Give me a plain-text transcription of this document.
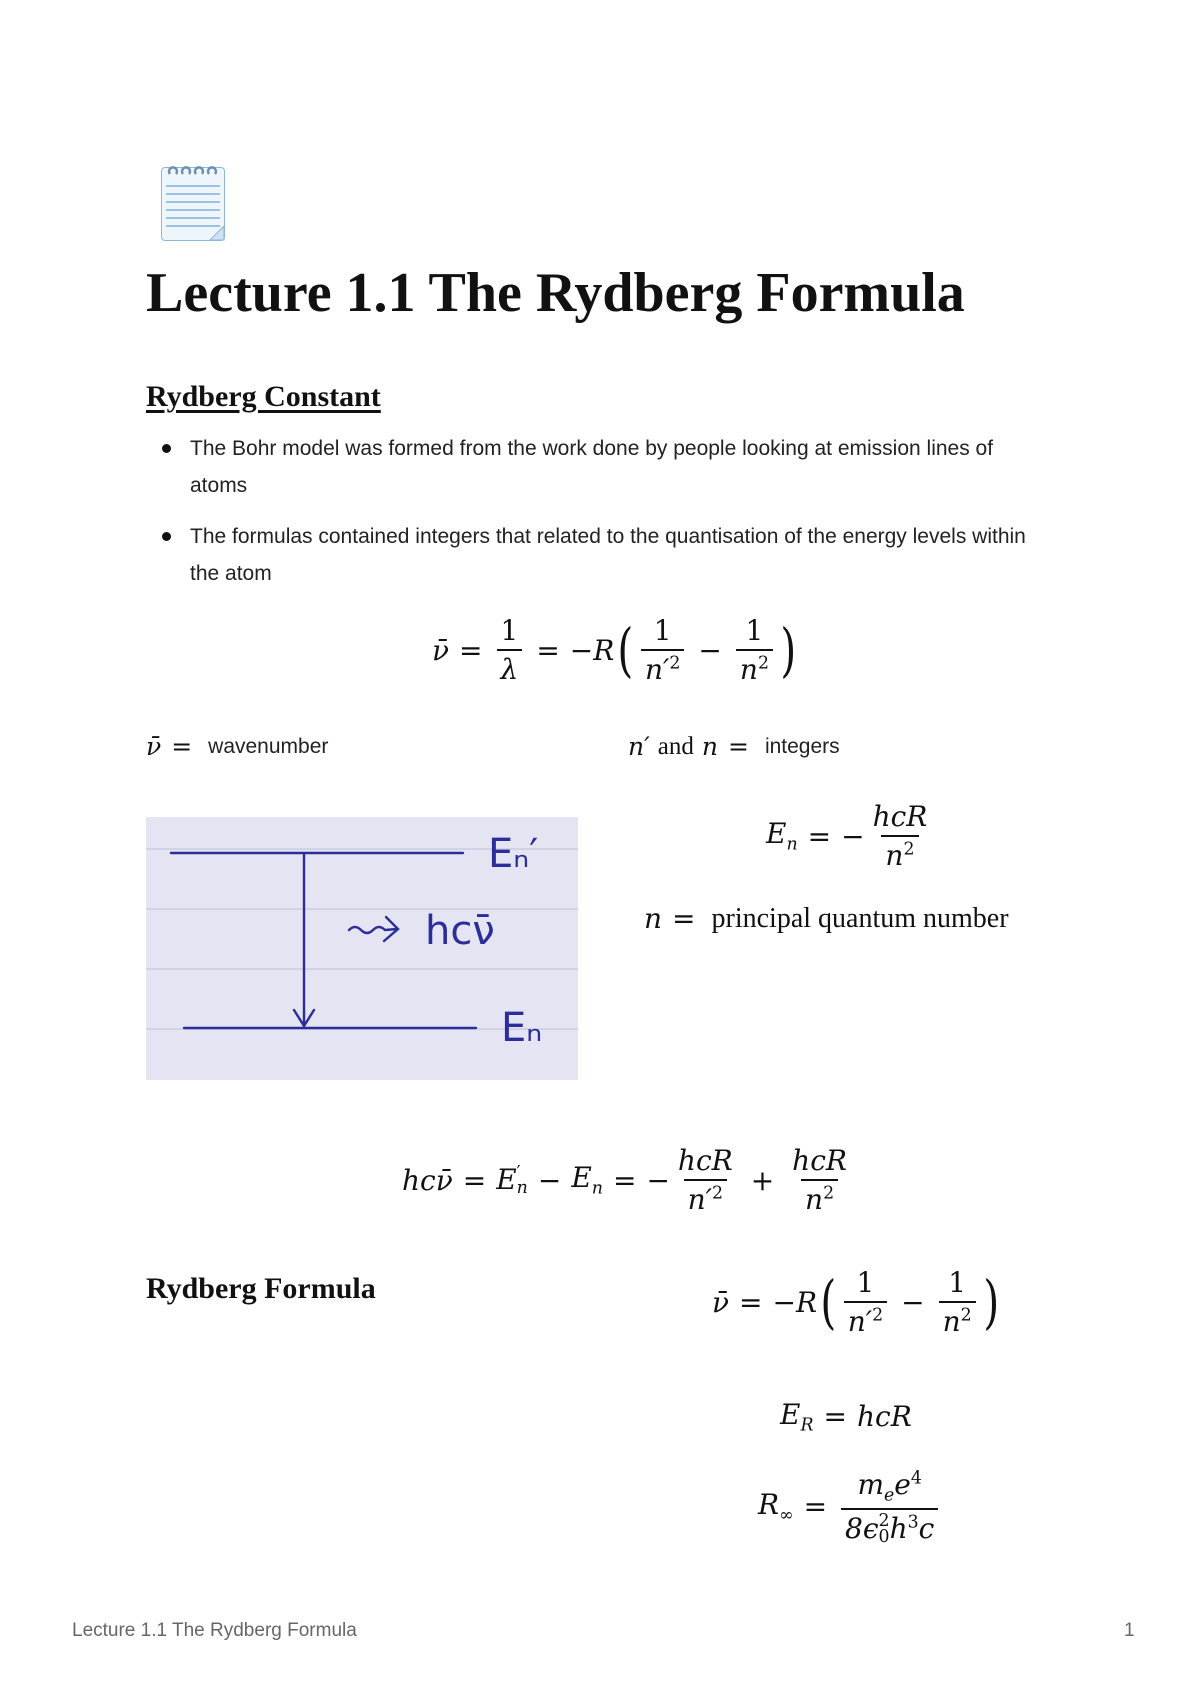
Lecture 1.1 The Rydberg Formula
Rydberg Constant
The Bohr model was formed from the work done by people looking at emission lines of atoms
The formulas contained integers that related to the quantisation of the energy levels within the atom
ν̄ = $\frac{1}{\lambda} = -R$ ( $\frac{1}{n'^2} - \frac{1}{n^2}$ )
ν̄ = wavenumber	n′ and n = integers
Eₙ′
Eₙ
hcν̄
$E_n$ = − $\frac{\text{hcR}}{n^2}$
n = principal quantum number
hcν̄ = E ′
$n - E_n$ = − $\frac{\text{hcR}}{n'^2} + \frac{\text{hcR}}{n^2}$
Rydberg Formula	ν̄ = −R ( $\frac{1}{n'^2} - \frac{1}{n^2}$ )
$E_R$ = hcR
$R_\infty = m_ee^4$
8ϵ 2
0 $h^3c$
Lecture 1.1 The Rydberg Formula	1
